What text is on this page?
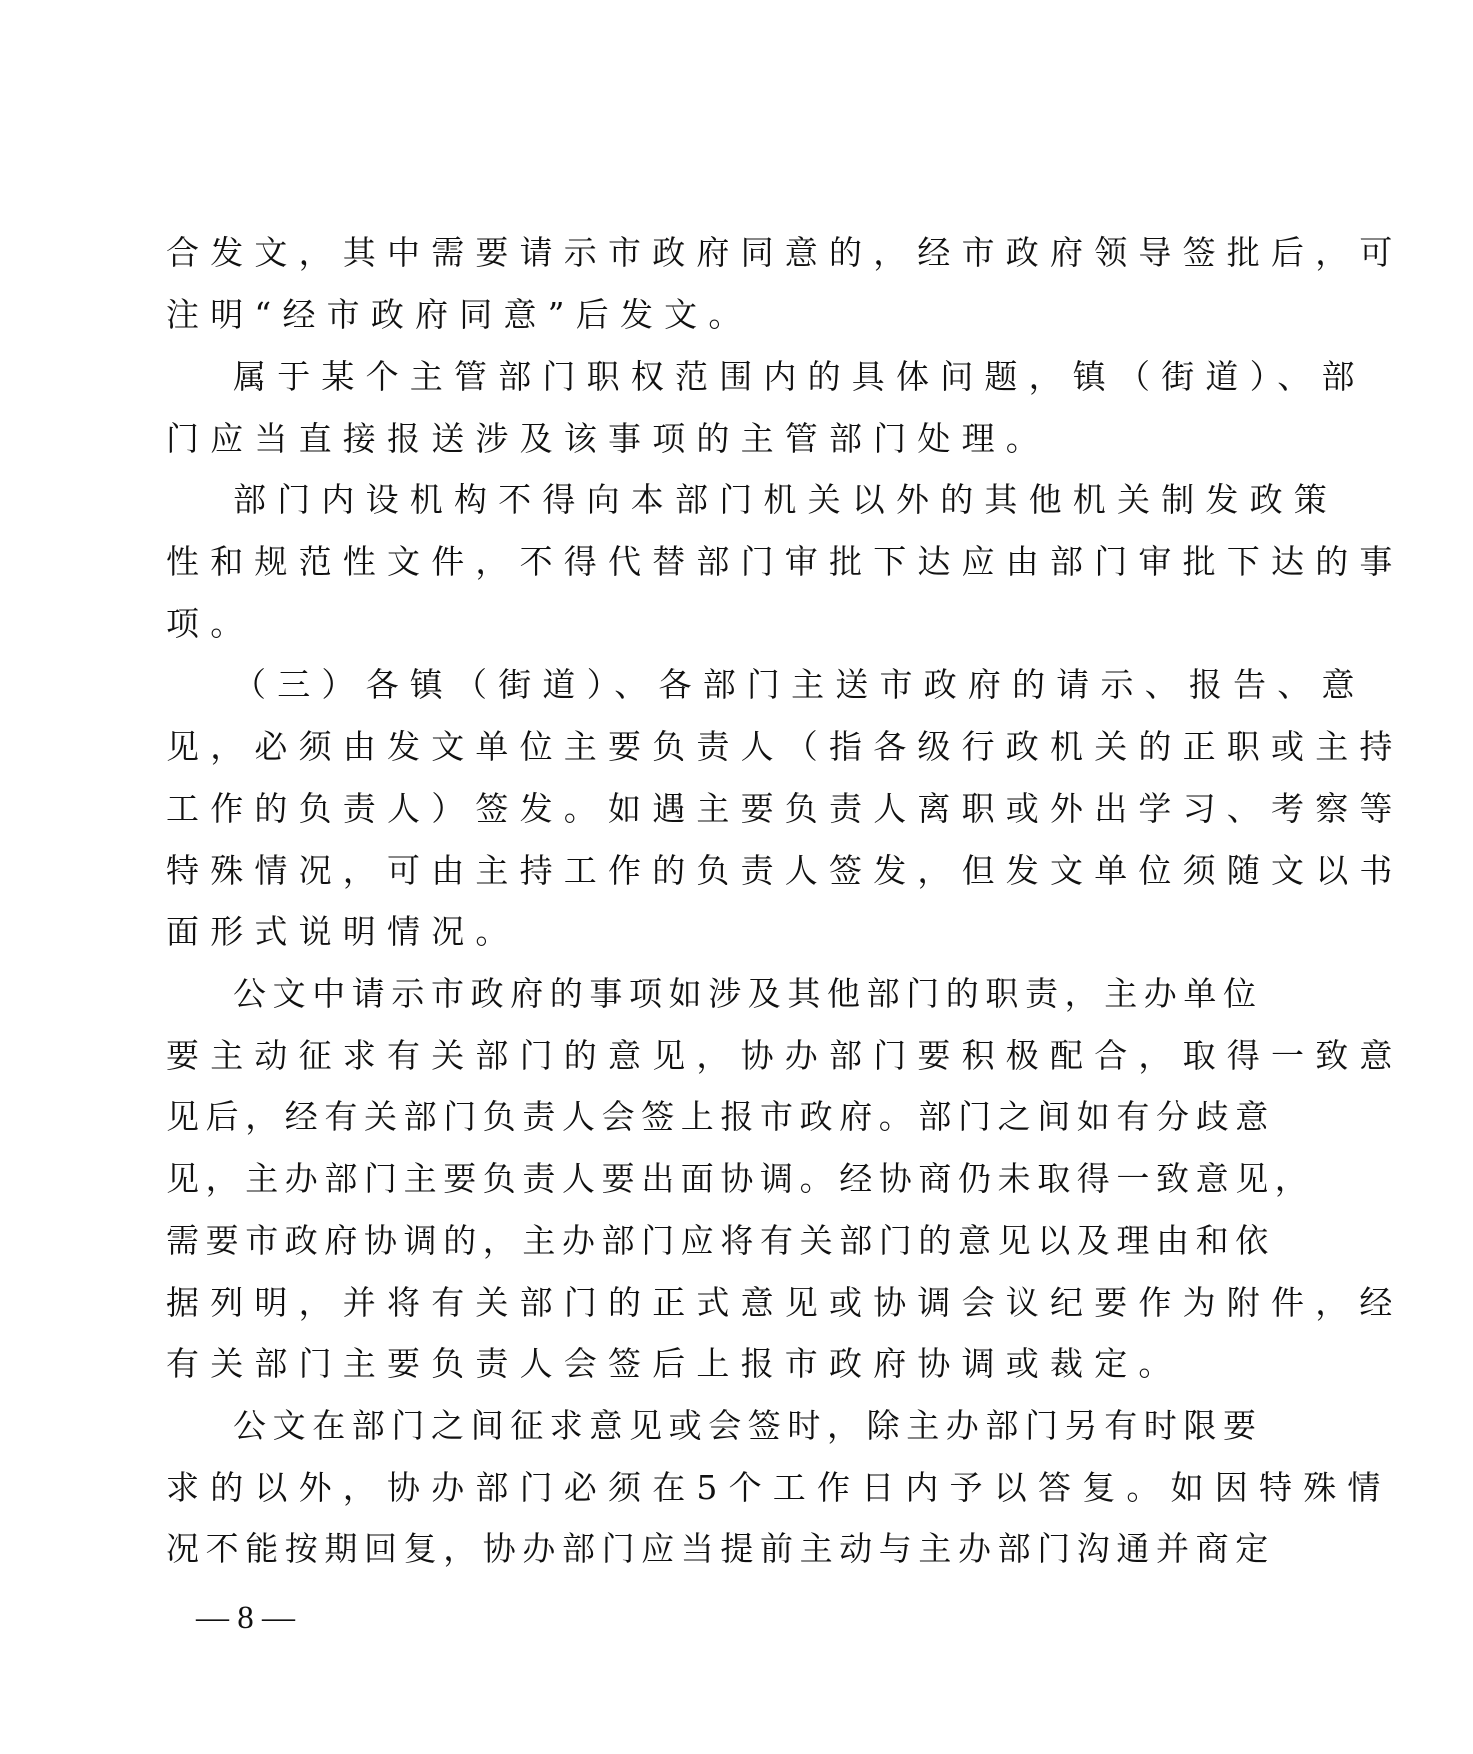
合发文，其中需要请示市政府同意的，经市政府领导签批后，可
注明“经市政府同意”后发文。
属于某个主管部门职权范围内的具体问题，镇（街道）、部
门应当直接报送涉及该事项的主管部门处理。
部门内设机构不得向本部门机关以外的其他机关制发政策
性和规范性文件，不得代替部门审批下达应由部门审批下达的事
项。
（三）各镇（街道）、各部门主送市政府的请示、报告、意
见，必须由发文单位主要负责人（指各级行政机关的正职或主持
工作的负责人）签发。如遇主要负责人离职或外出学习、考察等
特殊情况，可由主持工作的负责人签发，但发文单位须随文以书
面形式说明情况。
公文中请示市政府的事项如涉及其他部门的职责，主办单位
要主动征求有关部门的意见，协办部门要积极配合，取得一致意
见后，经有关部门负责人会签上报市政府。部门之间如有分歧意
见，主办部门主要负责人要出面协调。经协商仍未取得一致意见，
需要市政府协调的，主办部门应将有关部门的意见以及理由和依
据列明，并将有关部门的正式意见或协调会议纪要作为附件，经
有关部门主要负责人会签后上报市政府协调或裁定。
公文在部门之间征求意见或会签时，除主办部门另有时限要
求的以外，协办部门必须在5个工作日内予以答复。如因特殊情
况不能按期回复，协办部门应当提前主动与主办部门沟通并商定
— 8 —
